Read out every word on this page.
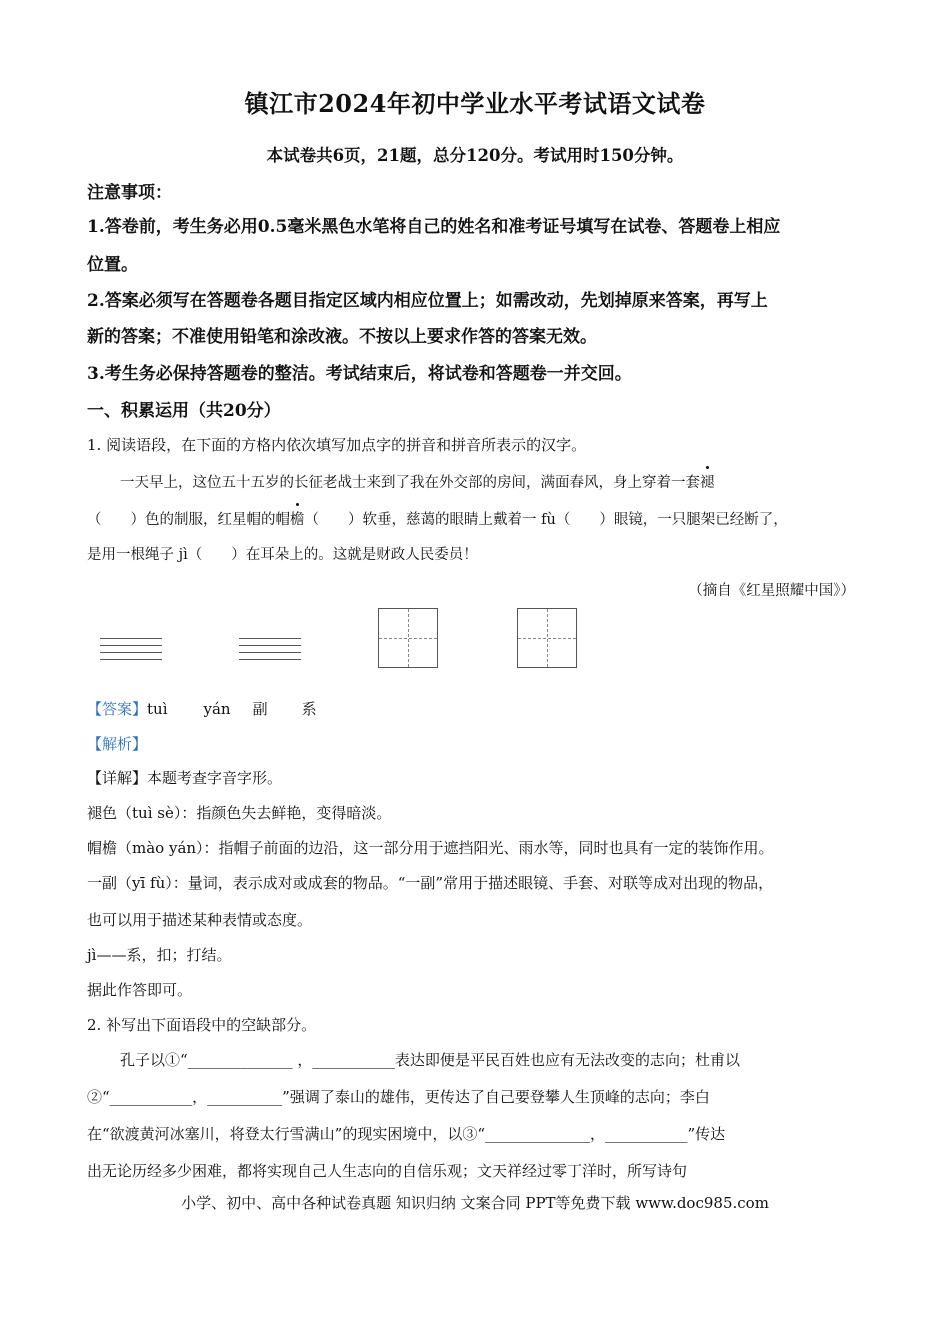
镇江市2024年初中学业水平考试语文试卷
本试卷共6页，21题，总分120分。考试用时150分钟。
注意事项：
1.答卷前，考生务必用0.5毫米黑色水笔将自己的姓名和准考证号填写在试卷、答题卷上相应
位置。
2.答案必须写在答题卷各题目指定区域内相应位置上；如需改动，先划掉原来答案，再写上
新的答案；不准使用铅笔和涂改液。不按以上要求作答的答案无效。
3.考生务必保持答题卷的整洁。考试结束后，将试卷和答题卷一并交回。
一、积累运用（共20分）
1. 阅读语段，在下面的方格内依次填写加点字的拼音和拼音所表示的汉字。
一天早上，这位五十五岁的长征老战士来到了我在外交部的房间，满面春风，身上穿着一套褪
（　　）色的制服，红星帽的帽檐（　　）软垂，慈蔼的眼睛上戴着一 fù（　　）眼镜，一只腿架已经断了，
是用一根绳子 jì（　　）在耳朵上的。这就是财政人民委员！
（摘自《红星照耀中国》）
【答案】tuì yán 副 系
【解析】
【详解】本题考查字音字形。
褪色（tuì sè）：指颜色失去鲜艳，变得暗淡。
帽檐（mào yán）：指帽子前面的边沿，这一部分用于遮挡阳光、雨水等，同时也具有一定的装饰作用。
一副（yī fù）：量词，表示成对或成套的物品。“一副”常用于描述眼镜、手套、对联等成对出现的物品，
也可以用于描述某种表情或态度。
jì——系，扣；打结。
据此作答即可。
2. 补写出下面语段中的空缺部分。
孔子以①“______________ ，___________表达即便是平民百姓也应有无法改变的志向；杜甫以
②“___________，__________”强调了泰山的雄伟，更传达了自己要登攀人生顶峰的志向；李白
在“欲渡黄河冰塞川，将登太行雪满山”的现实困境中，以③“______________，___________”传达
出无论历经多少困难，都将实现自己人生志向的自信乐观；文天祥经过零丁洋时，所写诗句
小学、初中、高中各种试卷真题 知识归纳 文案合同 PPT等免费下载 www.doc985.com
